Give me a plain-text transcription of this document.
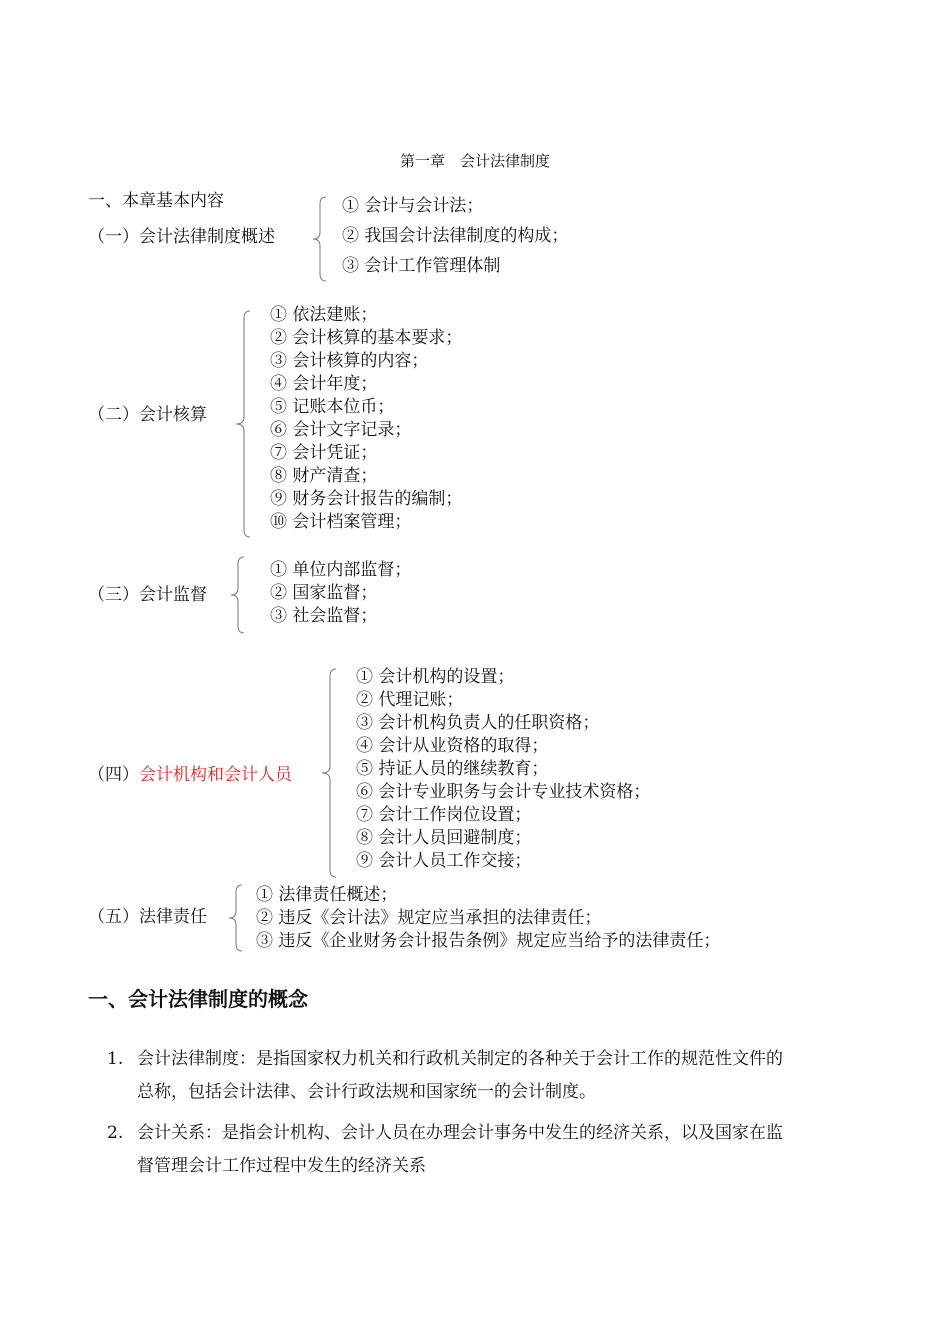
第一章　会计法律制度
一、本章基本内容
（一）会计法律制度概述
① 会计与会计法；
② 我国会计法律制度的构成；
③ 会计工作管理体制
（二）会计核算
① 依法建账；
② 会计核算的基本要求；
③ 会计核算的内容；
④ 会计年度；
⑤ 记账本位币；
⑥ 会计文字记录；
⑦ 会计凭证；
⑧ 财产清查；
⑨ 财务会计报告的编制；
⑩ 会计档案管理；
（三）会计监督
① 单位内部监督；
② 国家监督；
③ 社会监督；
（四）会计机构和会计人员
① 会计机构的设置；
② 代理记账；
③ 会计机构负责人的任职资格；
④ 会计从业资格的取得；
⑤ 持证人员的继续教育；
⑥ 会计专业职务与会计专业技术资格；
⑦ 会计工作岗位设置；
⑧ 会计人员回避制度；
⑨ 会计人员工作交接；
（五）法律责任
① 法律责任概述；
② 违反《会计法》规定应当承担的法律责任；
③ 违反《企业财务会计报告条例》规定应当给予的法律责任；
一、会计法律制度的概念
1. 会计法律制度：是指国家权力机关和行政机关制定的各种关于会计工作的规范性文件的
总称，包括会计法律、会计行政法规和国家统一的会计制度。
2. 会计关系：是指会计机构、会计人员在办理会计事务中发生的经济关系，以及国家在监
督管理会计工作过程中发生的经济关系
